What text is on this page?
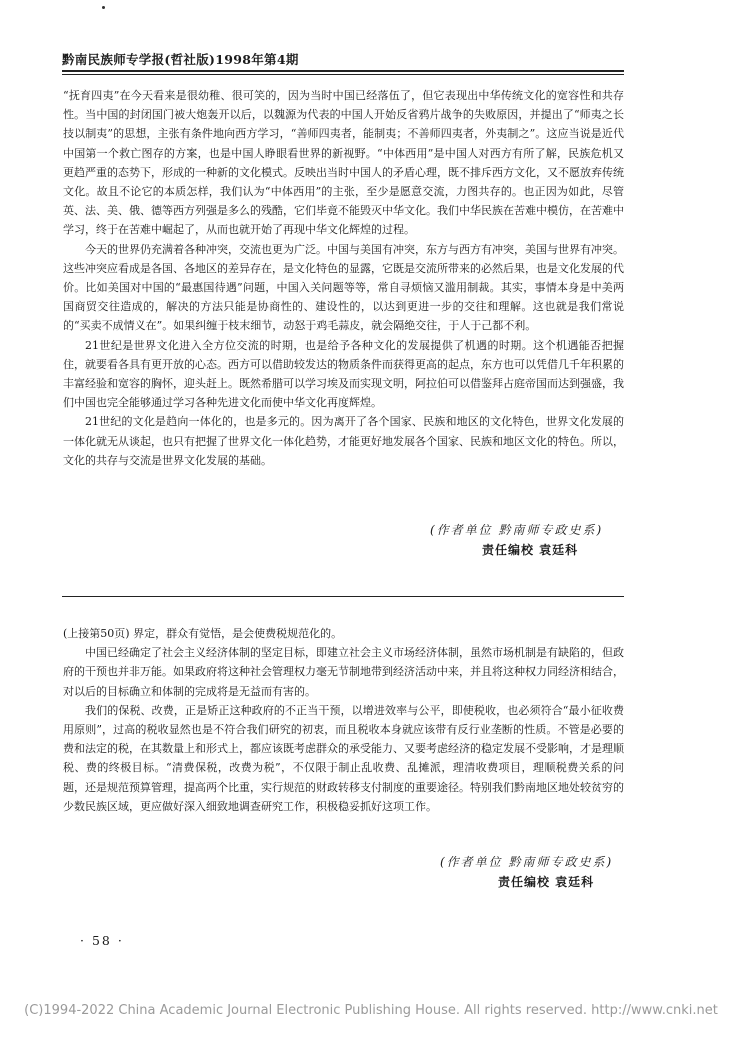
黔南民族师专学报(哲社版)1998年第4期

“抚育四夷”在今天看来是很幼稚、很可笑的，因为当时中国已经落伍了，但它表现出中华传统文化的宽容性和共存性。当中国的封闭国门被大炮轰开以后，以魏源为代表的中国人开始反省鸦片战争的失败原因，并提出了“师夷之长技以制夷”的思想，主张有条件地向西方学习，“善师四夷者，能制夷；不善师四夷者，外夷制之”。这应当说是近代中国第一个救亡图存的方案，也是中国人睁眼看世界的新视野。“中体西用”是中国人对西方有所了解，民族危机又更趋严重的态势下，形成的一种新的文化模式。反映出当时中国人的矛盾心理，既不排斥西方文化，又不愿放弃传统文化。故且不论它的本质怎样，我们认为“中体西用”的主张，至少是愿意交流，力图共存的。也正因为如此，尽管英、法、美、俄、德等西方列强是多么的残酷，它们毕竟不能毁灭中华文化。我们中华民族在苦难中模仿，在苦难中学习，终于在苦难中崛起了，从而也就开始了再现中华文化辉煌的过程。

今天的世界仍充满着各种冲突，交流也更为广泛。中国与美国有冲突，东方与西方有冲突，美国与世界有冲突。这些冲突应看成是各国、各地区的差异存在，是文化特色的显露，它既是交流所带来的必然后果，也是文化发展的代价。比如美国对中国的“最惠国待遇”问题，中国入关问题等等，常自寻烦恼又滥用制裁。其实，事情本身是中美两国商贸交往造成的，解决的方法只能是协商性的、建设性的，以达到更进一步的交往和理解。这也就是我们常说的“买卖不成情义在”。如果纠缠于枝末细节，动怒于鸡毛蒜皮，就会隔绝交往，于人于己都不利。

21世纪是世界文化进入全方位交流的时期，也是给予各种文化的发展提供了机遇的时期。这个机遇能否把握住，就要看各具有更开放的心态。西方可以借助较发达的物质条件而获得更高的起点，东方也可以凭借几千年积累的丰富经验和宽容的胸怀，迎头赶上。既然希腊可以学习埃及而实现文明，阿拉伯可以借鉴拜占庭帝国而达到强盛，我们中国也完全能够通过学习各种先进文化而使中华文化再度辉煌。

21世纪的文化是趋向一体化的，也是多元的。因为离开了各个国家、民族和地区的文化特色，世界文化发展的一体化就无从谈起，也只有把握了世界文化一体化趋势，才能更好地发展各个国家、民族和地区文化的特色。所以，文化的共存与交流是世界文化发展的基础。

(作者单位 黔南师专政史系)
责任编校 袁廷科

(上接第50页) 界定，群众有觉悟，是会使费税规范化的。

中国已经确定了社会主义经济体制的坚定目标，即建立社会主义市场经济体制，虽然市场机制是有缺陷的，但政府的干预也并非万能。如果政府将这种社会管理权力毫无节制地带到经济活动中来，并且将这种权力同经济相结合，对以后的目标确立和体制的完成将是无益而有害的。

我们的保税、改费，正是矫正这种政府的不正当干预，以增进效率与公平，即使税收，也必须符合“最小征收费用原则”，过高的税收显然也是不符合我们研究的初衷，而且税收本身就应该带有反行业垄断的性质。不管是必要的费和法定的税，在其数量上和形式上，都应该既考虑群众的承受能力、又要考虑经济的稳定发展不受影响，才是理顺税、费的终极目标。“清费保税，改费为税”，不仅限于制止乱收费、乱摊派，理清收费项目，理顺税费关系的问题，还是规范预算管理，提高两个比重，实行规范的财政转移支付制度的重要途径。特别我们黔南地区地处较贫穷的少数民族区域，更应做好深入细致地调查研究工作，积极稳妥抓好这项工作。

(作者单位 黔南师专政史系)
责任编校 袁廷科
· 58 ·
(C)1994-2022 China Academic Journal Electronic Publishing House. All rights reserved. http://www.cnki.net
